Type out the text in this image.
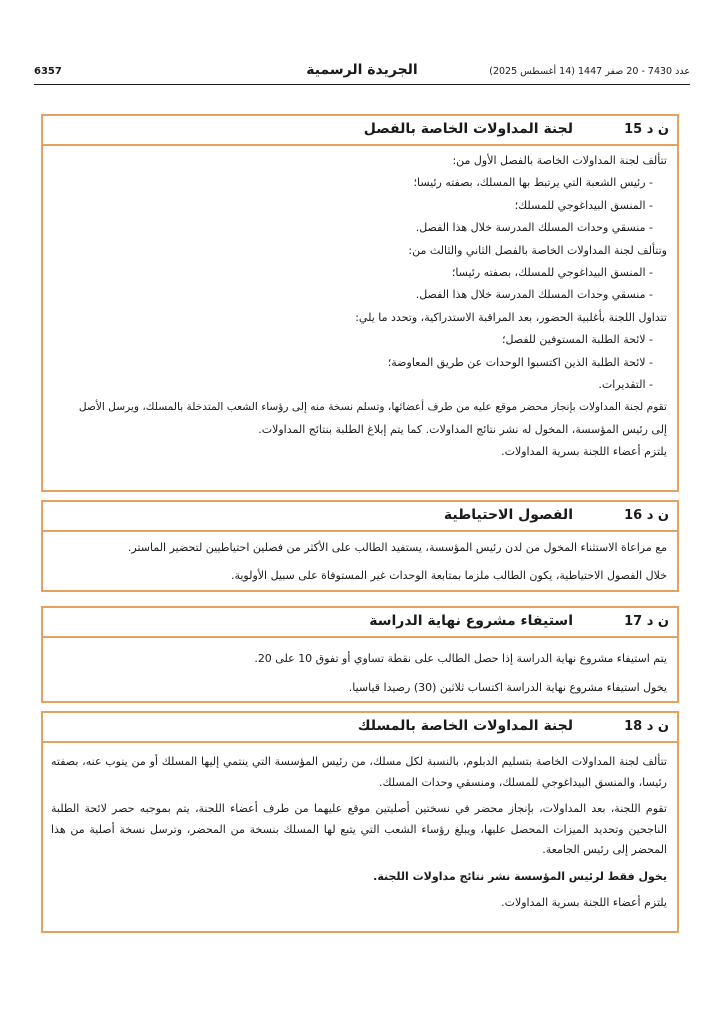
6357	الجريدة الرسمية	عدد 7430 - 20 صفر 1447 (14 أغسطس 2025)
ن د 15
لجنة المداولات الخاصة بالفصل

تتألف لجنة المداولات الخاصة بالفصل الأول من:

- رئيس الشعبة التي يرتبط بها المسلك، بصفته رئيسا؛

- المنسق البيداغوجي للمسلك؛

- منسقي وحدات المسلك المدرسة خلال هذا الفصل.

وتتألف لجنة المداولات الخاصة بالفصل الثاني والثالث من:

- المنسق البيداغوجي للمسلك، بصفته رئيسا؛

- منسقي وحدات المسلك المدرسة خلال هذا الفصل.

تتداول اللجنة بأغلبية الحضور، بعد المراقبة الاستدراكية، وتحدد ما يلي:

- لائحة الطلبة المستوفين للفصل؛

- لائحة الطلبة الذين اكتسبوا الوحدات عن طريق المعاوضة؛

- التقديرات.

تقوم لجنة المداولات بإنجاز محضر موقع عليه من طرف أعضائها، وتسلم نسخة منه إلى رؤساء الشعب المتدخلة بالمسلك، ويرسل الأصل

إلى رئيس المؤسسة، المخول له نشر نتائج المداولات. كما يتم إبلاغ الطلبة بنتائج المداولات.

يلتزم أعضاء اللجنة بسرية المداولات.

ن د 16
الفصول الاحتياطية

مع مراعاة الاستثناء المخول من لدن رئيس المؤسسة، يستفيد الطالب على الأكثر من فصلين احتياطيين لتحضير الماستر.

خلال الفصول الاحتياطية، يكون الطالب ملزما بمتابعة الوحدات غير المستوفاة على سبيل الأولوية.

ن د 17
استيفاء مشروع نهاية الدراسة

يتم استيفاء مشروع نهاية الدراسة إذا حصل الطالب على نقطة تساوي أو تفوق 10 على 20.

يخول استيفاء مشروع نهاية الدراسة اكتساب ثلاثين (30) رصيدا قياسيا.

ن د 18
لجنة المداولات الخاصة بالمسلك

تتألف لجنة المداولات الخاصة بتسليم الدبلوم، بالنسبة لكل مسلك، من رئيس المؤسسة التي ينتمي إليها المسلك أو من ينوب عنه، بصفته رئيسا، والمنسق البيداغوجي للمسلك، ومنسقي وحدات المسلك.

تقوم اللجنة، بعد المداولات، بإنجاز محضر في نسختين أصليتين موقع عليهما من طرف أعضاء اللجنة، يتم بموجبه حصر لائحة الطلبة الناجحين وتحديد الميزات المحصل عليها، ويبلغ رؤساء الشعب التي يتبع لها المسلك بنسخة من المحضر، وترسل نسخة أصلية من هذا المحضر إلى رئيس الجامعة.

يخول فقط لرئيس المؤسسة نشر نتائج مداولات اللجنة.

يلتزم أعضاء اللجنة بسرية المداولات.
